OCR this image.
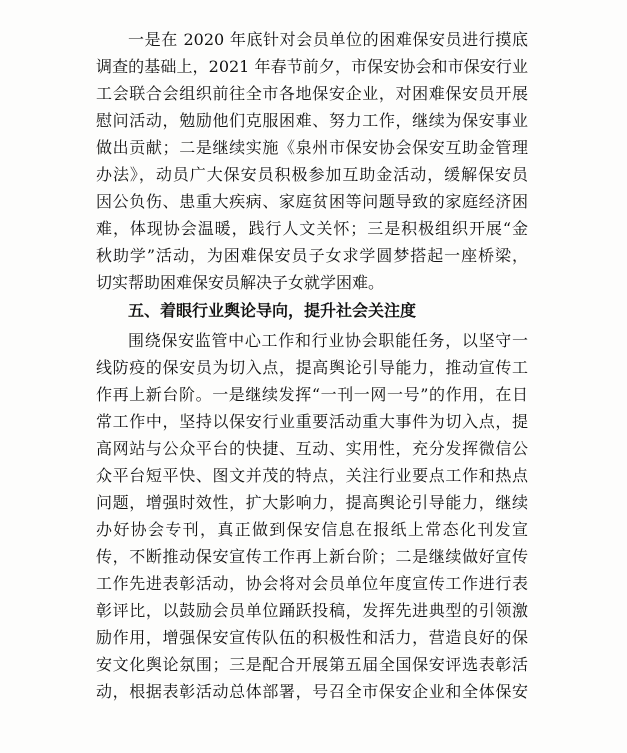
一是在 2020 年底针对会员单位的困难保安员进行摸底
调查的基础上，2021 年春节前夕，市保安协会和市保安行业
工会联合会组织前往全市各地保安企业，对困难保安员开展
慰问活动，勉励他们克服困难、努力工作，继续为保安事业
做出贡献；二是继续实施《泉州市保安协会保安互助金管理
办法》，动员广大保安员积极参加互助金活动，缓解保安员
因公负伤、患重大疾病、家庭贫困等问题导致的家庭经济困
难，体现协会温暖，践行人文关怀；三是积极组织开展“金
秋助学”活动，为困难保安员子女求学圆梦搭起一座桥梁，
切实帮助困难保安员解决子女就学困难。
五、着眼行业舆论导向，提升社会关注度
围绕保安监管中心工作和行业协会职能任务，以坚守一
线防疫的保安员为切入点，提高舆论引导能力，推动宣传工
作再上新台阶。一是继续发挥“一刊一网一号”的作用，在日
常工作中，坚持以保安行业重要活动重大事件为切入点，提
高网站与公众平台的快捷、互动、实用性，充分发挥微信公
众平台短平快、图文并茂的特点，关注行业要点工作和热点
问题，增强时效性，扩大影响力，提高舆论引导能力，继续
办好协会专刊，真正做到保安信息在报纸上常态化刊发宣
传，不断推动保安宣传工作再上新台阶；二是继续做好宣传
工作先进表彰活动，协会将对会员单位年度宣传工作进行表
彰评比，以鼓励会员单位踊跃投稿，发挥先进典型的引领激
励作用，增强保安宣传队伍的积极性和活力，营造良好的保
安文化舆论氛围；三是配合开展第五届全国保安评选表彰活
动，根据表彰活动总体部署，号召全市保安企业和全体保安
